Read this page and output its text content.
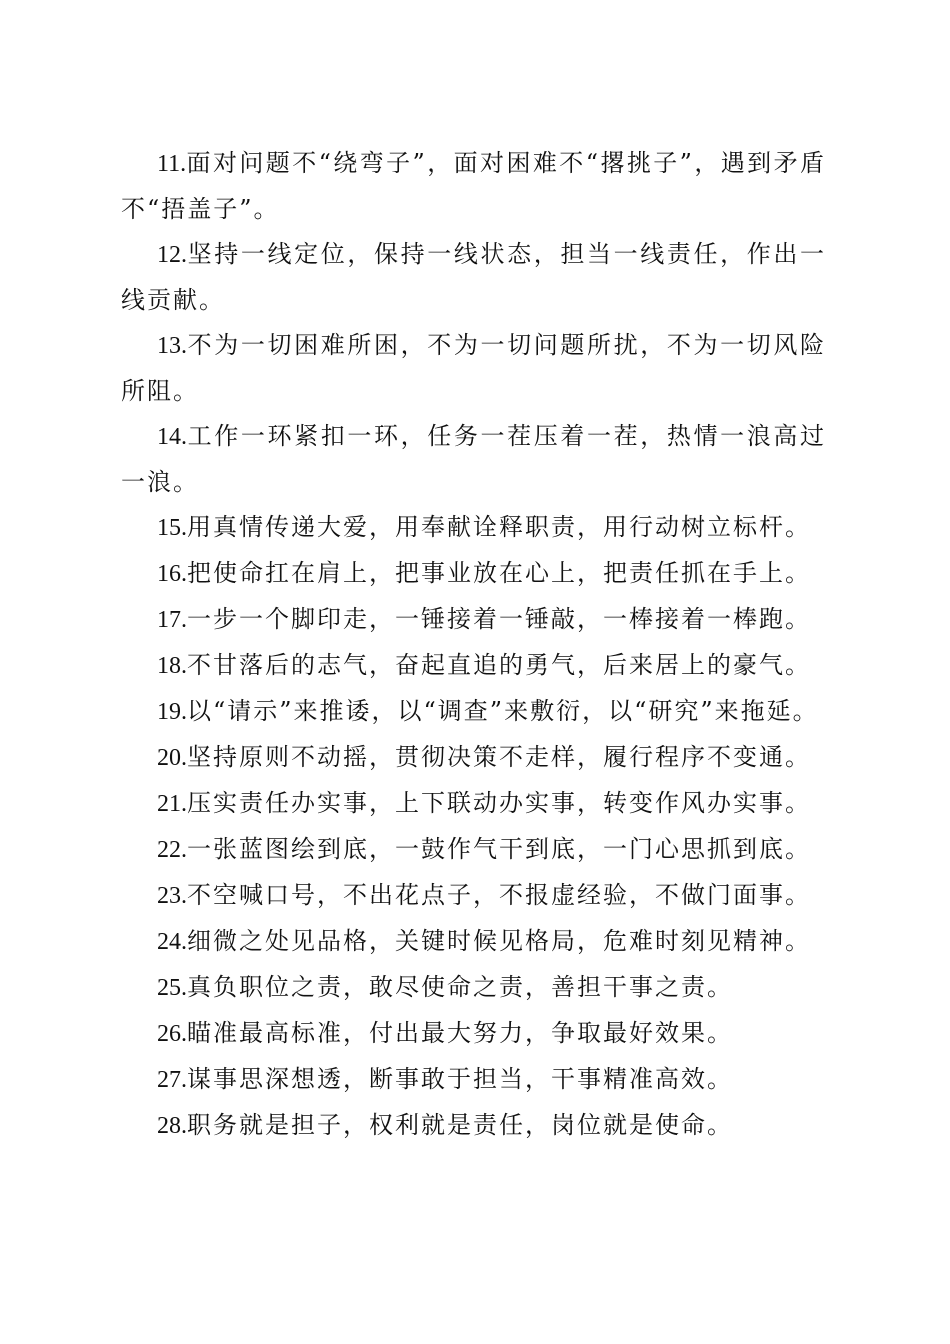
11.面对问题不“绕弯子”，面对困难不“撂挑子”，遇到矛盾不“捂盖子”。

12.坚持一线定位，保持一线状态，担当一线责任，作出一线贡献。

13.不为一切困难所困，不为一切问题所扰，不为一切风险所阻。

14.工作一环紧扣一环，任务一茬压着一茬，热情一浪高过一浪。

15.用真情传递大爱，用奉献诠释职责，用行动树立标杆。

16.把使命扛在肩上，把事业放在心上，把责任抓在手上。

17.一步一个脚印走，一锤接着一锤敲，一棒接着一棒跑。

18.不甘落后的志气，奋起直追的勇气，后来居上的豪气。

19.以“请示”来推诿，以“调查”来敷衍，以“研究”来拖延。

20.坚持原则不动摇，贯彻决策不走样，履行程序不变通。

21.压实责任办实事，上下联动办实事，转变作风办实事。

22.一张蓝图绘到底，一鼓作气干到底，一门心思抓到底。

23.不空喊口号，不出花点子，不报虚经验，不做门面事。

24.细微之处见品格，关键时候见格局，危难时刻见精神。

25.真负职位之责，敢尽使命之责，善担干事之责。

26.瞄准最高标准，付出最大努力，争取最好效果。

27.谋事思深想透，断事敢于担当，干事精准高效。

28.职务就是担子，权利就是责任，岗位就是使命。
